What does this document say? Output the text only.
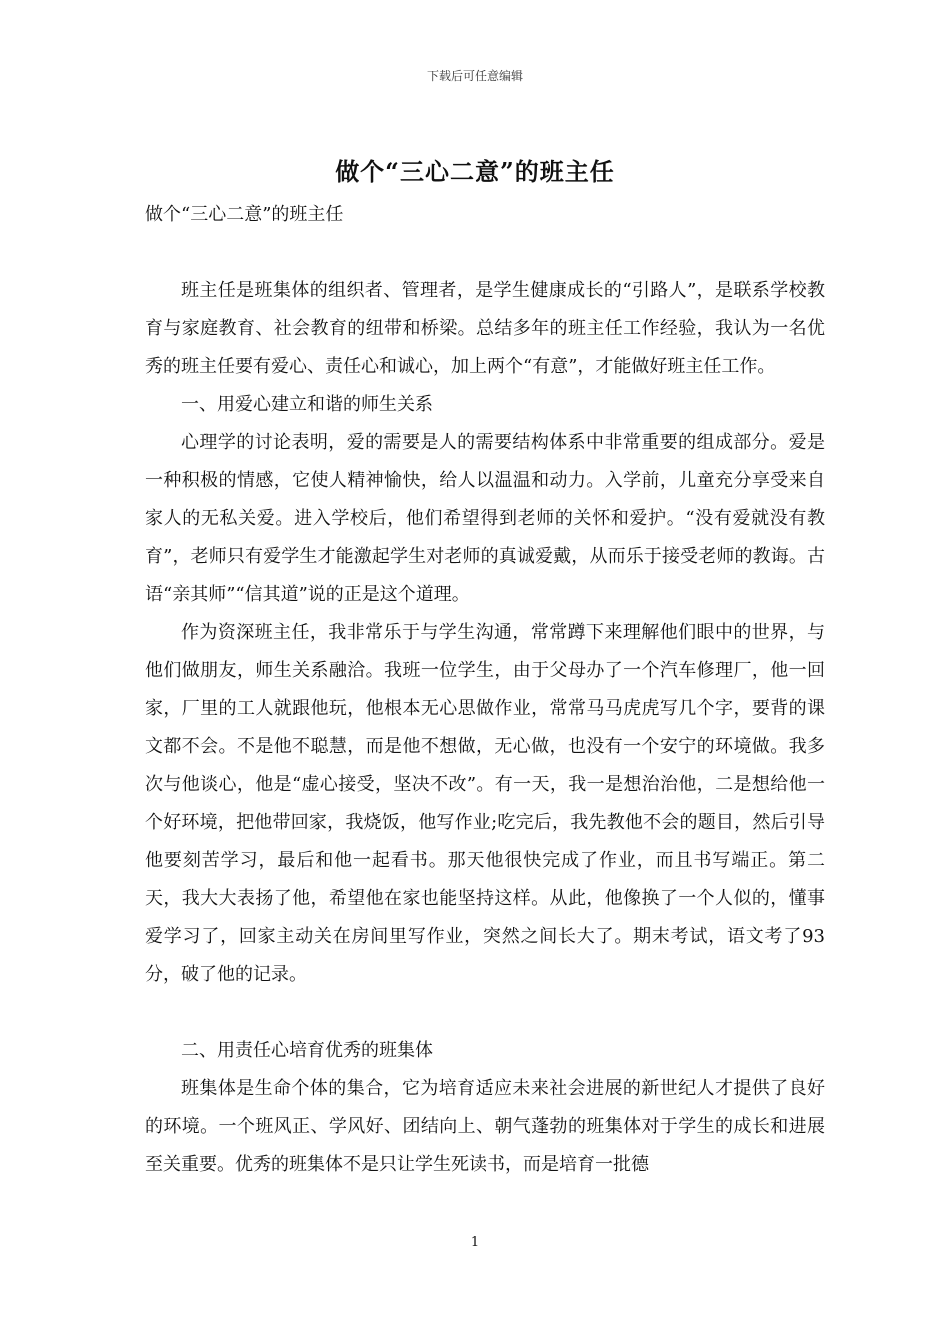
下载后可任意编辑
做个“三心二意”的班主任

做个“三心二意”的班主任

班主任是班集体的组织者、管理者，是学生健康成长的“引路人”，是联系学校教育与家庭教育、社会教育的纽带和桥梁。总结多年的班主任工作经验，我认为一名优秀的班主任要有爱心、责任心和诚心，加上两个“有意”，才能做好班主任工作。

一、用爱心建立和谐的师生关系

心理学的讨论表明，爱的需要是人的需要结构体系中非常重要的组成部分。爱是一种积极的情感，它使人精神愉快，给人以温温和动力。入学前，儿童充分享受来自家人的无私关爱。进入学校后，他们希望得到老师的关怀和爱护。“没有爱就没有教育”，老师只有爱学生才能激起学生对老师的真诚爱戴，从而乐于接受老师的教诲。古语“亲其师”“信其道”说的正是这个道理。

作为资深班主任，我非常乐于与学生沟通，常常蹲下来理解他们眼中的世界，与他们做朋友，师生关系融洽。我班一位学生，由于父母办了一个汽车修理厂，他一回家，厂里的工人就跟他玩，他根本无心思做作业，常常马马虎虎写几个字，要背的课文都不会。不是他不聪慧，而是他不想做，无心做，也没有一个安宁的环境做。我多次与他谈心，他是“虚心接受，坚决不改”。有一天，我一是想治治他，二是想给他一个好环境，把他带回家，我烧饭，他写作业;吃完后，我先教他不会的题目，然后引导他要刻苦学习，最后和他一起看书。那天他很快完成了作业，而且书写端正。第二天，我大大表扬了他，希望他在家也能坚持这样。从此，他像换了一个人似的，懂事爱学习了，回家主动关在房间里写作业，突然之间长大了。期末考试，语文考了93分，破了他的记录。

二、用责任心培育优秀的班集体

班集体是生命个体的集合，它为培育适应未来社会进展的新世纪人才提供了良好的环境。一个班风正、学风好、团结向上、朝气蓬勃的班集体对于学生的成长和进展至关重要。优秀的班集体不是只让学生死读书，而是培育一批德

1
